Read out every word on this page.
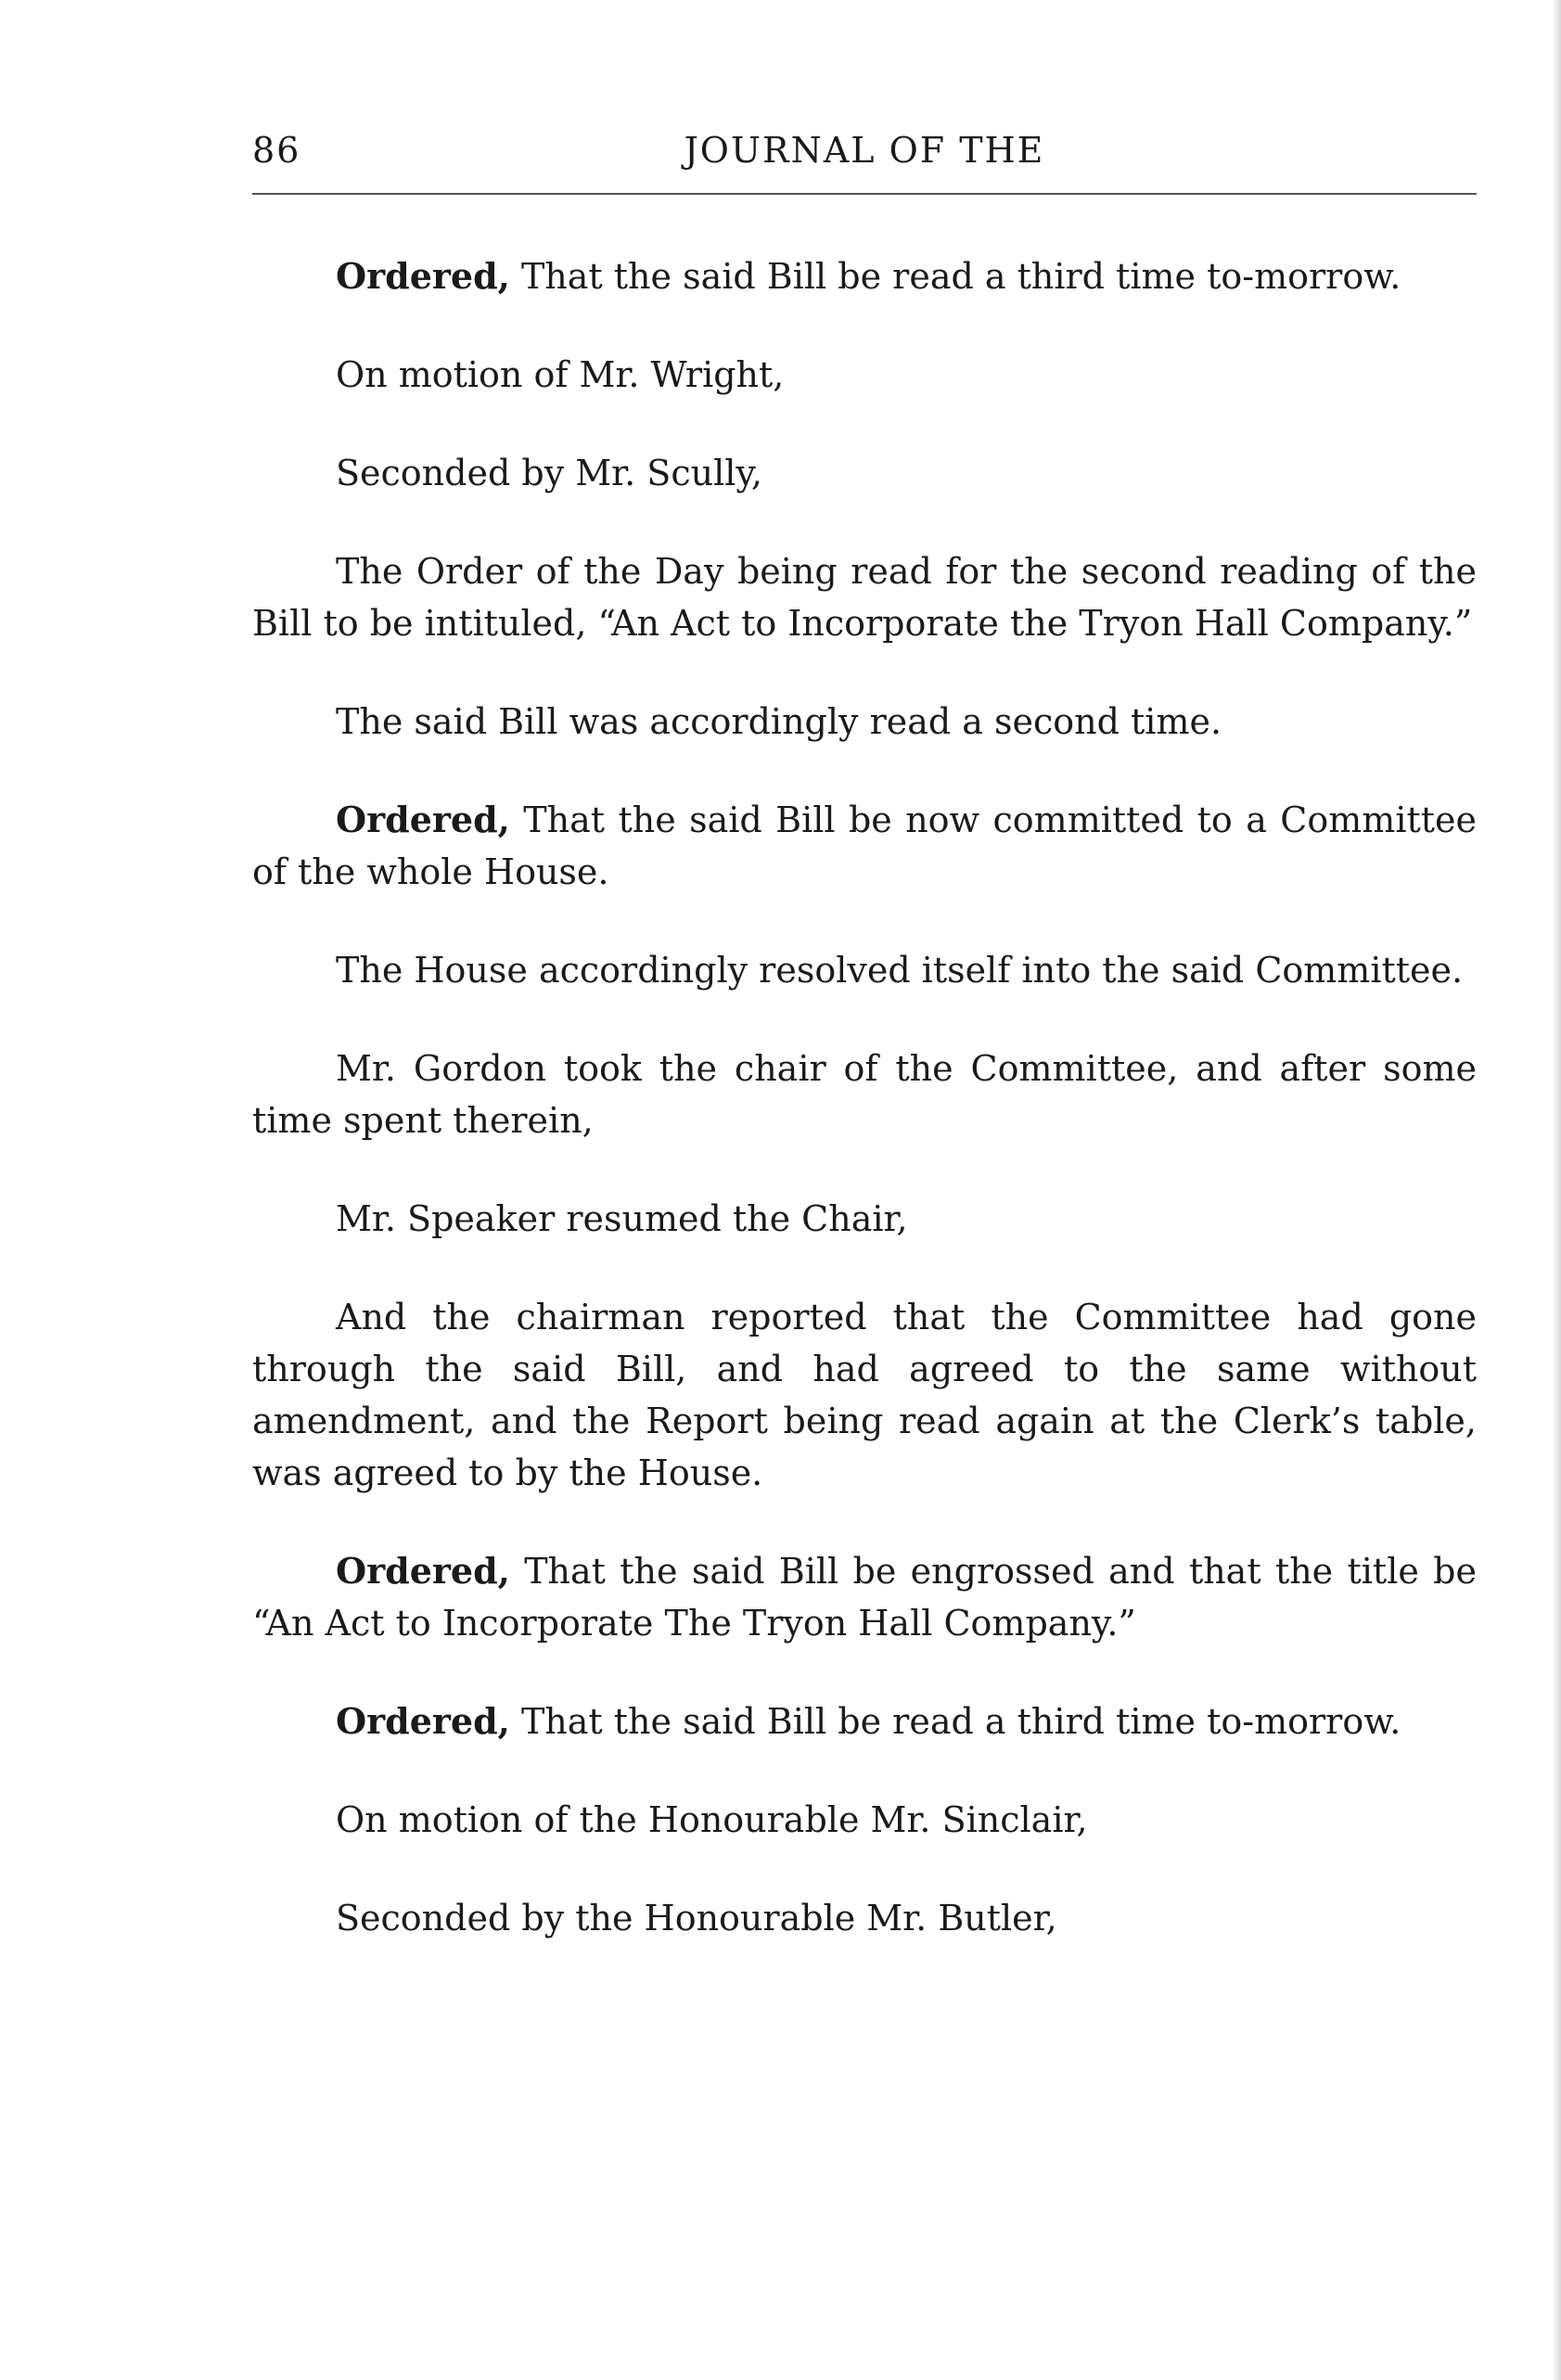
86	JOURNAL OF THE

Ordered, That the said Bill be read a third time to-morrow.

On motion of Mr. Wright,

Seconded by Mr. Scully,

The Order of the Day being read for the second reading of the Bill to be intituled, “An Act to Incorporate the Tryon Hall Company.”

The said Bill was accordingly read a second time.

Ordered, That the said Bill be now committed to a Committee of the whole House.

The House accordingly resolved itself into the said Committee.

Mr. Gordon took the chair of the Committee, and after some time spent therein,

Mr. Speaker resumed the Chair,

And the chairman reported that the Committee had gone through the said Bill, and had agreed to the same without amendment, and the Report being read again at the Clerk’s table, was agreed to by the House.

Ordered, That the said Bill be engrossed and that the title be “An Act to Incorporate The Tryon Hall Company.”

Ordered, That the said Bill be read a third time to-morrow.

On motion of the Honourable Mr. Sinclair,

Seconded by the Honourable Mr. Butler,
